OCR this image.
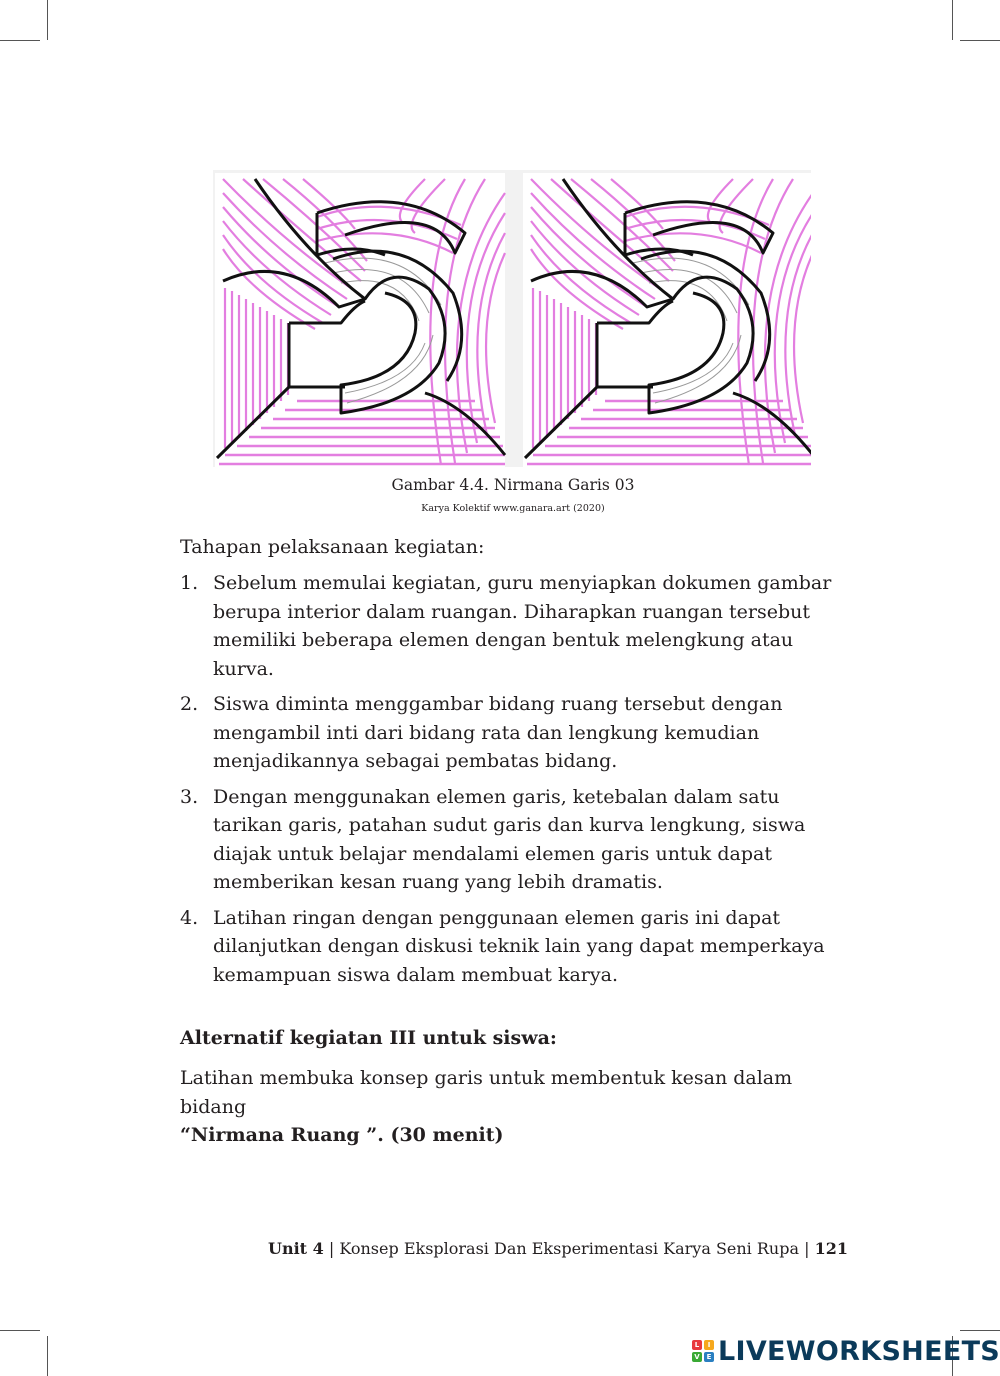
Gambar 4.4. Nirmana Garis 03
Karya Kolektif www.ganara.art (2020)
Tahapan pelaksanaan kegiatan:
1. Sebelum memulai kegiatan, guru menyiapkan dokumen gambar berupa interior dalam ruangan. Diharapkan ruangan tersebut memiliki beberapa elemen dengan bentuk melengkung atau kurva.
2. Siswa diminta menggambar bidang ruang tersebut dengan mengambil inti dari bidang rata dan lengkung kemudian menjadikannya sebagai pembatas bidang.
3. Dengan menggunakan elemen garis, ketebalan dalam satu tarikan garis, patahan sudut garis dan kurva lengkung, siswa diajak untuk belajar mendalami elemen garis untuk dapat memberikan kesan ruang yang lebih dramatis.
4. Latihan ringan dengan penggunaan elemen garis ini dapat dilanjutkan dengan diskusi teknik lain yang dapat memperkaya kemampuan siswa dalam membuat karya.
Alternatif kegiatan III untuk siswa:
Latihan membuka konsep garis untuk membentuk kesan dalam bidang
“Nirmana Ruang ”. (30 menit)
Unit 4 | Konsep Eksplorasi Dan Eksperimentasi Karya Seni Rupa | 121
L	I
V E LIVEWORKSHEETS
